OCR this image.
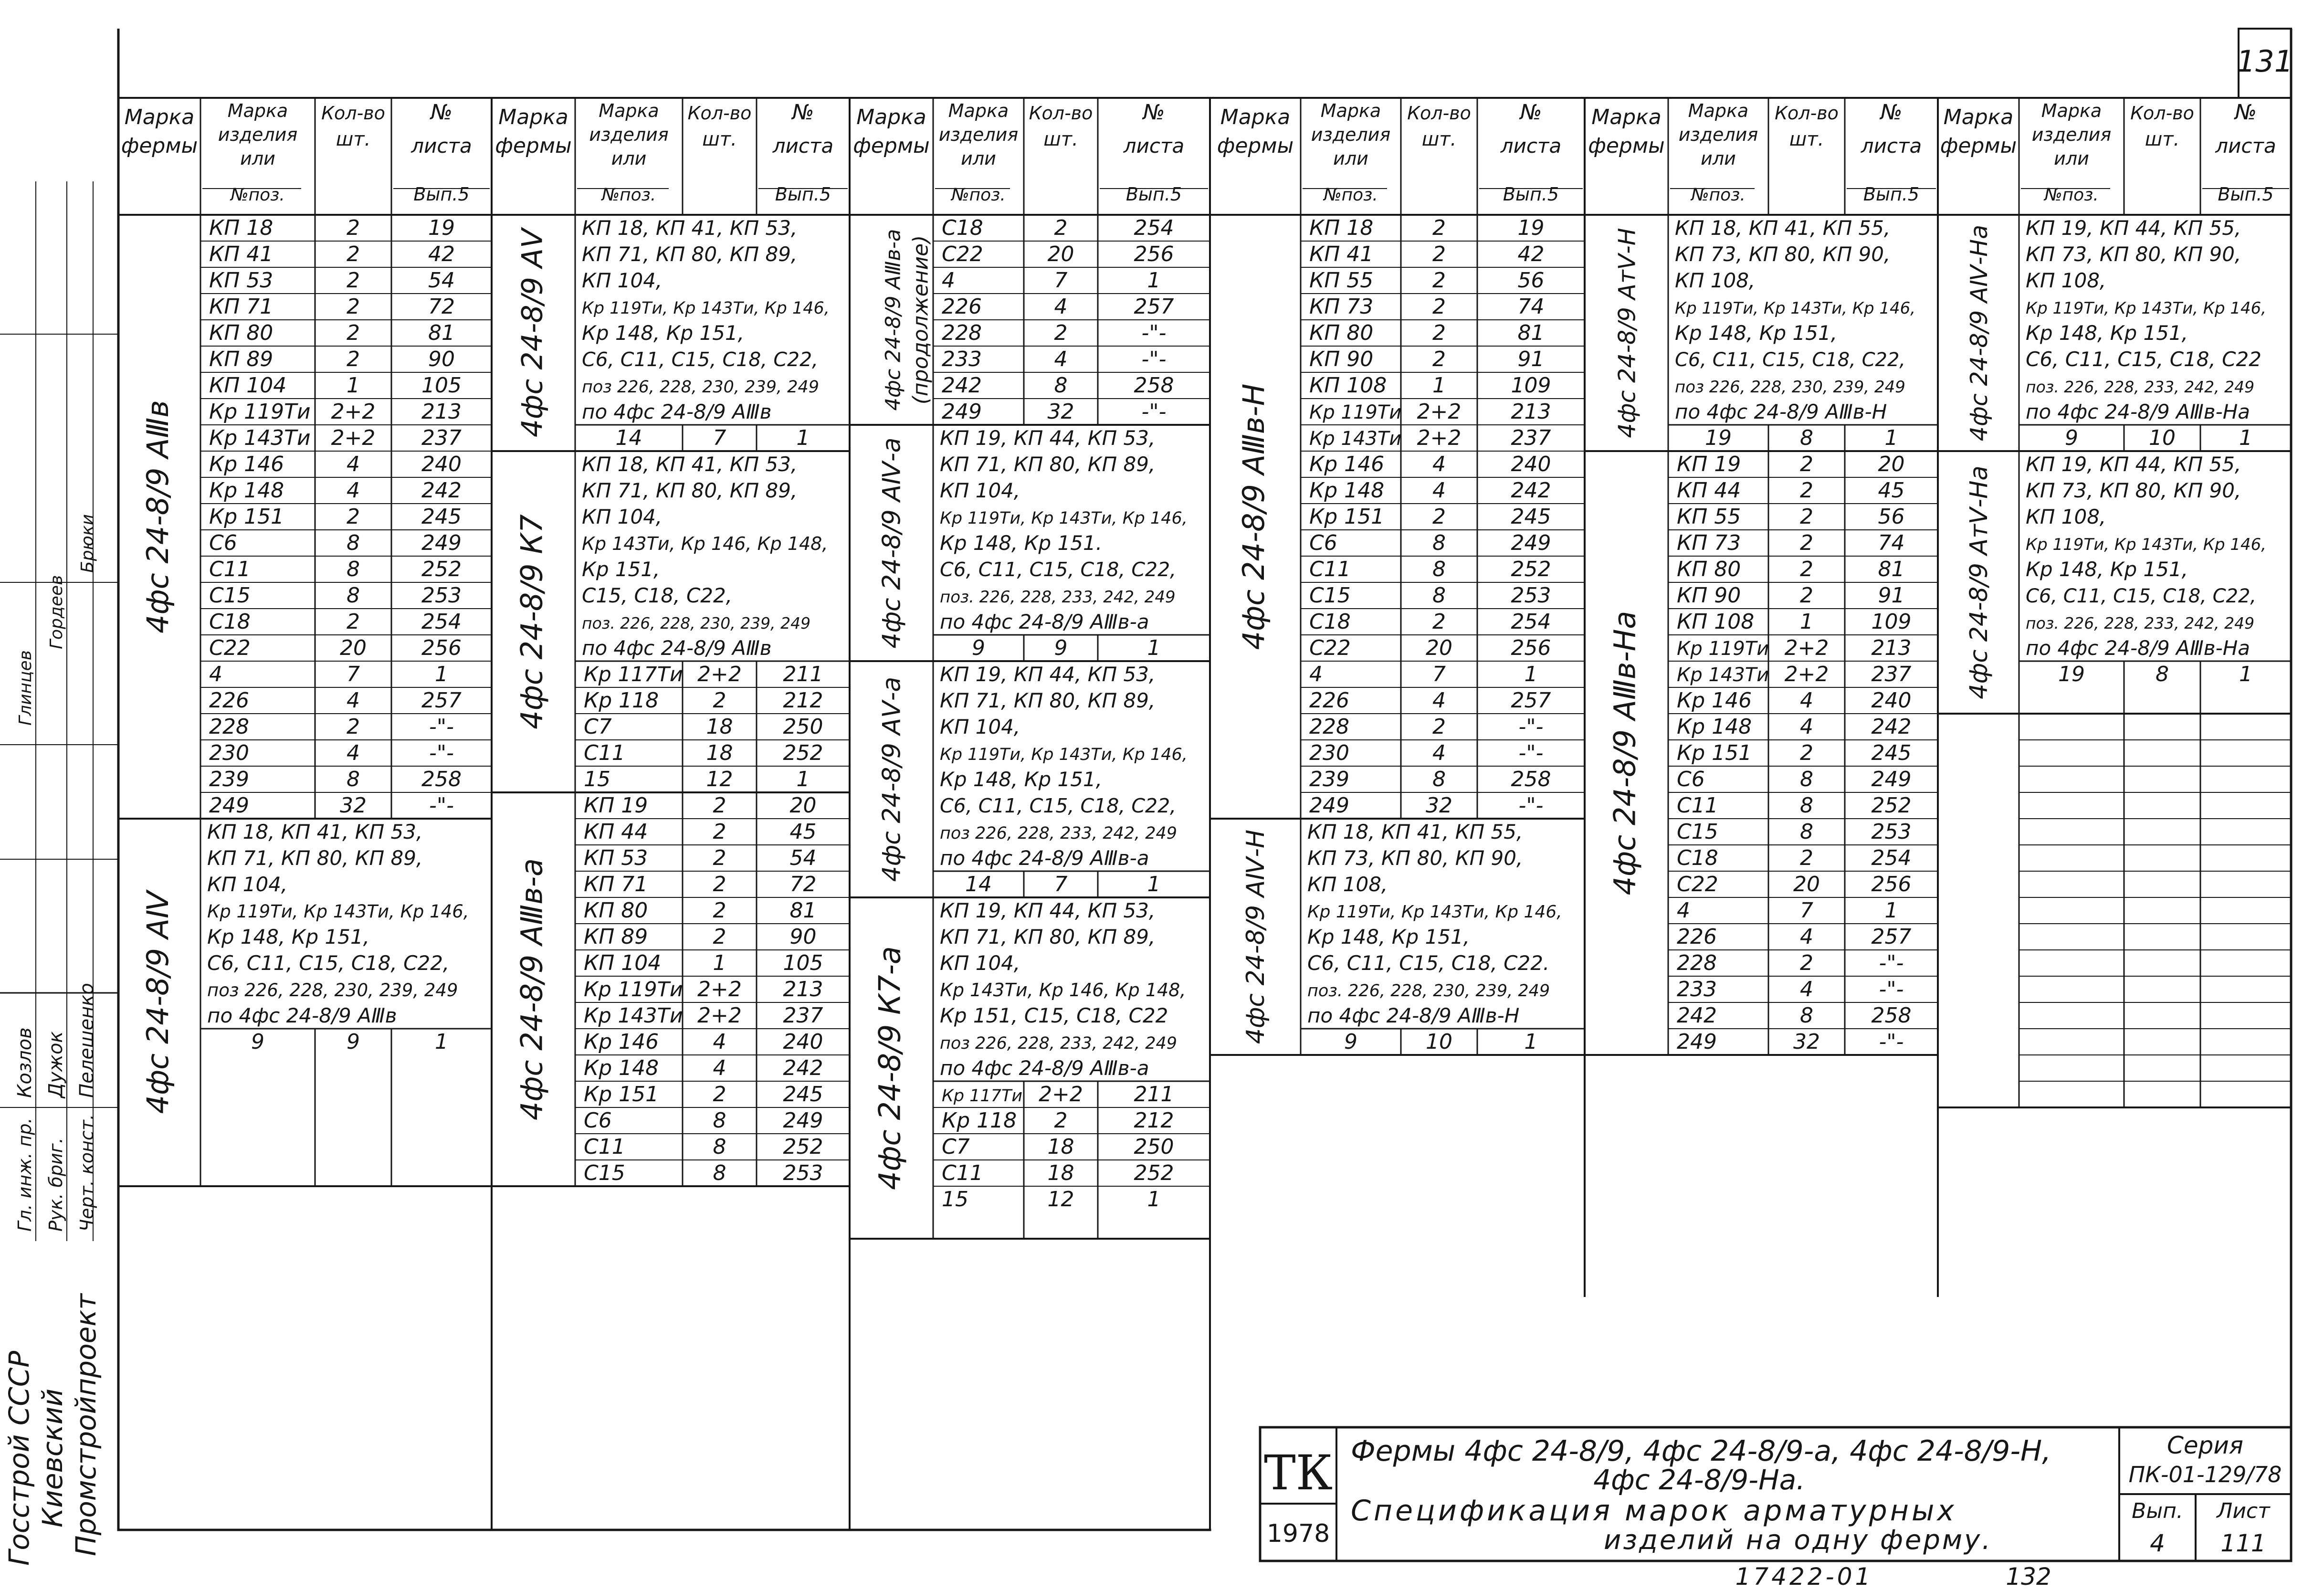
131
Марка
фермы
Марка
изделия
или
№поз.
Кол-во
шт.
№
листа
Вып.5
Марка
фермы
Марка
изделия
или
№поз.
Кол-во
шт.
№
листа
Вып.5
Марка
фермы
Марка
изделия
или
№поз.
Кол-во
шт.
№
листа
Вып.5
Марка
фермы
Марка
изделия
или
№поз.
Кол-во
шт.
№
листа
Вып.5
Марка
фермы
Марка
изделия
или
№поз.
Кол-во
шт.
№
листа
Вып.5
Марка
фермы
Марка
изделия
или
№поз.
Кол-во
шт.
№
листа
Вып.5
4фс 24-8/9 АⅢв
КП 18	2	19
КП 41	2	42
КП 53	2	54
КП 71	2	72
КП 80	2	81
КП 89	2	90
КП 104	1	105
Кр 119Ти 2+2 213
Кр 143Ти 2+2 237
Кр 146	4	240
Кр 148	4	242
Кр 151	2	245
С6	8	249
С11	8	252
С15	8	253
С18	2	254
С22	20	256
4	7	1
226	4	257
228	2	-"-
230	4	-"-
239	8	258
249	32	-"-
4фс 24-8/9 АⅣ
КП 18, КП 41, КП 53,
КП 71, КП 80, КП 89,
КП 104,
Кр 119Ти, Кр 143Ти, Кр 146,
Кр 148, Кр 151,
С6, С11, С15, С18, С22,
поз 226, 228, 230, 239, 249
по 4фс 24-8/9 АⅢв
9	9	1
4фс 24-8/9 АⅤ
КП 18, КП 41, КП 53,
КП 71, КП 80, КП 89,
КП 104,
Кр 119Ти, Кр 143Ти, Кр 146,
Кр 148, Кр 151,
С6, С11, С15, С18, С22,
поз 226, 228, 230, 239, 249
по 4фс 24-8/9 АⅢв
14	7	1
4фс 24-8/9 К7
КП 18, КП 41, КП 53,
КП 71, КП 80, КП 89,
КП 104,
Кр 143Ти, Кр 146, Кр 148,
Кр 151,
С15, С18, С22,
поз. 226, 228, 230, 239, 249
по 4фс 24-8/9 АⅢв
Кр 117Ти 2+2 211
Кр 118	2	212
С7	18 250
С11	18 252
15	12	1
4фс 24-8/9 АⅢв-а
КП 19	2	20
КП 44	2	45
КП 53	2	54
КП 71	2	72
КП 80	2	81
КП 89	2	90
КП 104 1	105
Кр 119Ти 2+2 213
Кр 143Ти 2+2 237
Кр 146	4	240
Кр 148	4	242
Кр 151	2	245
С6	8	249
С11	8	252
С15	8	253
4фс 24-8/9 АⅢв-а (продолжение)
С18	2	254
С22	20	256
4	7	1
226	4	257
228	2	-"-
233	4	-"-
242	8	258
249	32	-"-
4фс 24-8/9 АⅣ-а КП 19, КП 44, КП 53,
КП 71, КП 80, КП 89,
КП 104,
Кр 119Ти, Кр 143Ти, Кр 146,
Кр 148, Кр 151.
С6, С11, С15, С18, С22,
поз. 226, 228, 233, 242, 249
по 4фс 24-8/9 АⅢв-а
9	9	1
4фс 24-8/9 АⅤ-а
КП 19, КП 44, КП 53,
КП 71, КП 80, КП 89,
КП 104,
Кр 119Ти, Кр 143Ти, Кр 146,
Кр 148, Кр 151,
С6, С11, С15, С18, С22,
поз 226, 228, 233, 242, 249
по 4фс 24-8/9 АⅢв-а
14	7	1
4фс 24-8/9 К7-а
КП 19, КП 44, КП 53,
КП 71, КП 80, КП 89,
КП 104,
Кр 143Ти, Кр 146, Кр 148,
Кр 151, С15, С18, С22
поз 226, 228, 233, 242, 249
по 4фс 24-8/9 АⅢв-а
Кр 117Ти 2+2 211
Кр 118 2	212
С7	18	250
С11	18	252
15	12	1
4фс 24-8/9 АⅢв-Н
КП 18	2	19
КП 41	2	42
КП 55	2	56
КП 73	2	74
КП 80	2	81
КП 90	2	91
КП 108 1	109
Кр 119Ти 2+2 213
Кр 143Ти 2+2 237
Кр 146 4	240
Кр 148 4	242
Кр 151 2	245
С6	8	249
С11	8	252
С15	8	253
С18	2	254
С22	20	256
4	7	1
226	4	257
228	2	-"-
230	4	-"-
239	8	258
249	32	-"-
4фс 24-8/9 АⅣ-Н КП 18, КП 41, КП 55,
КП 73, КП 80, КП 90,
КП 108,
Кр 119Ти, Кр 143Ти, Кр 146,
Кр 148, Кр 151,
С6, С11, С15, С18, С22.
поз. 226, 228, 230, 239, 249
по 4фс 24-8/9 АⅢв-Н
9	10	1
4фс 24-8/9 АтⅤ-Н КП 18, КП 41, КП 55,
КП 73, КП 80, КП 90,
КП 108,
Кр 119Ти, Кр 143Ти, Кр 146,
Кр 148, Кр 151,
С6, С11, С15, С18, С22,
поз 226, 228, 230, 239, 249
по 4фс 24-8/9 АⅢв-Н
19	8	1
4фс 24-8/9 АⅢв-На
КП 19	2	20
КП 44	2	45
КП 55	2	56
КП 73	2	74
КП 80	2	81
КП 90	2	91
КП 108 1	109
Кр 119Ти 2+2 213
Кр 143Ти 2+2 237
Кр 146 4	240
Кр 148 4	242
Кр 151 2	245
С6	8	249
С11	8	252
С15	8	253
С18	2	254
С22	20 256
4	7	1
226	4	257
228	2	-"-
233	4	-"-
242	8	258
249	32	-"-
4фс 24-8/9 АⅣ-На КП 19, КП 44, КП 55,
КП 73, КП 80, КП 90,
КП 108,
Кр 119Ти, Кр 143Ти, Кр 146,
Кр 148, Кр 151,
С6, С11, С15, С18, С22
поз. 226, 228, 233, 242, 249
по 4фс 24-8/9 АⅢв-На
9	10	1
4фс 24-8/9 АтⅤ-На
КП 19, КП 44, КП 55,
КП 73, КП 80, КП 90,
КП 108,
Кр 119Ти, Кр 143Ти, Кр 146,
Кр 148, Кр 151,
С6, С11, С15, С18, С22,
поз. 226, 228, 233, 242, 249
по 4фс 24-8/9 АⅢв-На
19	8	1
Госстрой СССР Киевский Промстройпроект
Гл. инж. пр. Рук. бриг. Черт. конст.
Козлов Дужок Пелешенко
Глинцев
Гордеев
Брюки
ТК
1978
Фермы 4фс 24-8/9, 4фс 24-8/9-а, 4фс 24-8/9-Н,
4фс 24-8/9-На.
Спецификация марок арматурных
изделий на одну ферму.
Серия
ПК-01-129/78
Вып.
4
Лист
111
17422-01	132
